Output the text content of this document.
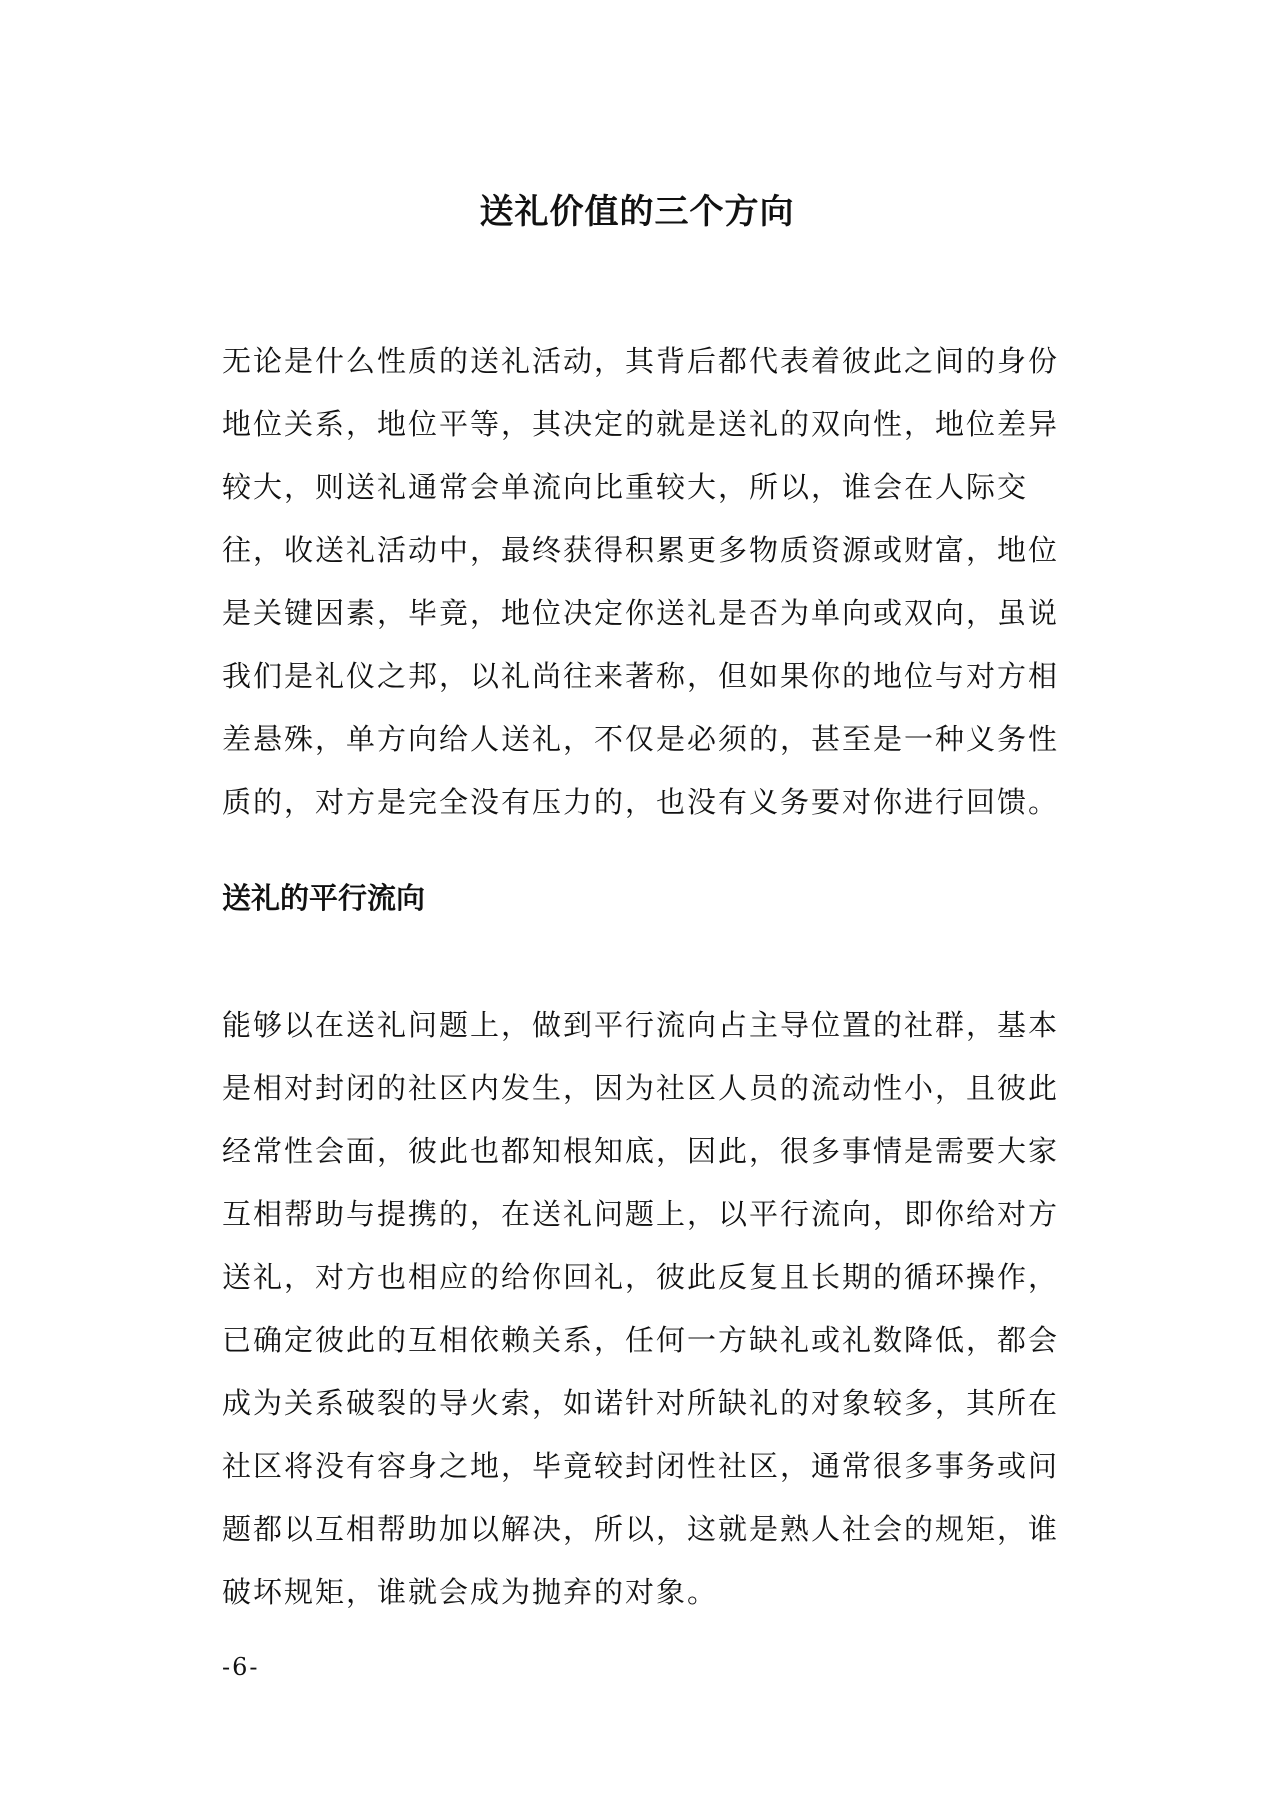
送礼价值的三个方向

无论是什么性质的送礼活动，其背后都代表着彼此之间的身份地位关系，地位平等，其决定的就是送礼的双向性，地位差异较大，则送礼通常会单流向比重较大，所以，谁会在人际交往，收送礼活动中，最终获得积累更多物质资源或财富，地位是关键因素，毕竟，地位决定你送礼是否为单向或双向，虽说我们是礼仪之邦，以礼尚往来著称，但如果你的地位与对方相差悬殊，单方向给人送礼，不仅是必须的，甚至是一种义务性质的，对方是完全没有压力的，也没有义务要对你进行回馈。

送礼的平行流向

能够以在送礼问题上，做到平行流向占主导位置的社群，基本是相对封闭的社区内发生，因为社区人员的流动性小，且彼此经常性会面，彼此也都知根知底，因此，很多事情是需要大家互相帮助与提携的，在送礼问题上，以平行流向，即你给对方送礼，对方也相应的给你回礼，彼此反复且长期的循环操作，已确定彼此的互相依赖关系，任何一方缺礼或礼数降低，都会成为关系破裂的导火索，如诺针对所缺礼的对象较多，其所在社区将没有容身之地，毕竟较封闭性社区，通常很多事务或问题都以互相帮助加以解决，所以，这就是熟人社会的规矩，谁破坏规矩，谁就会成为抛弃的对象。

-6-
